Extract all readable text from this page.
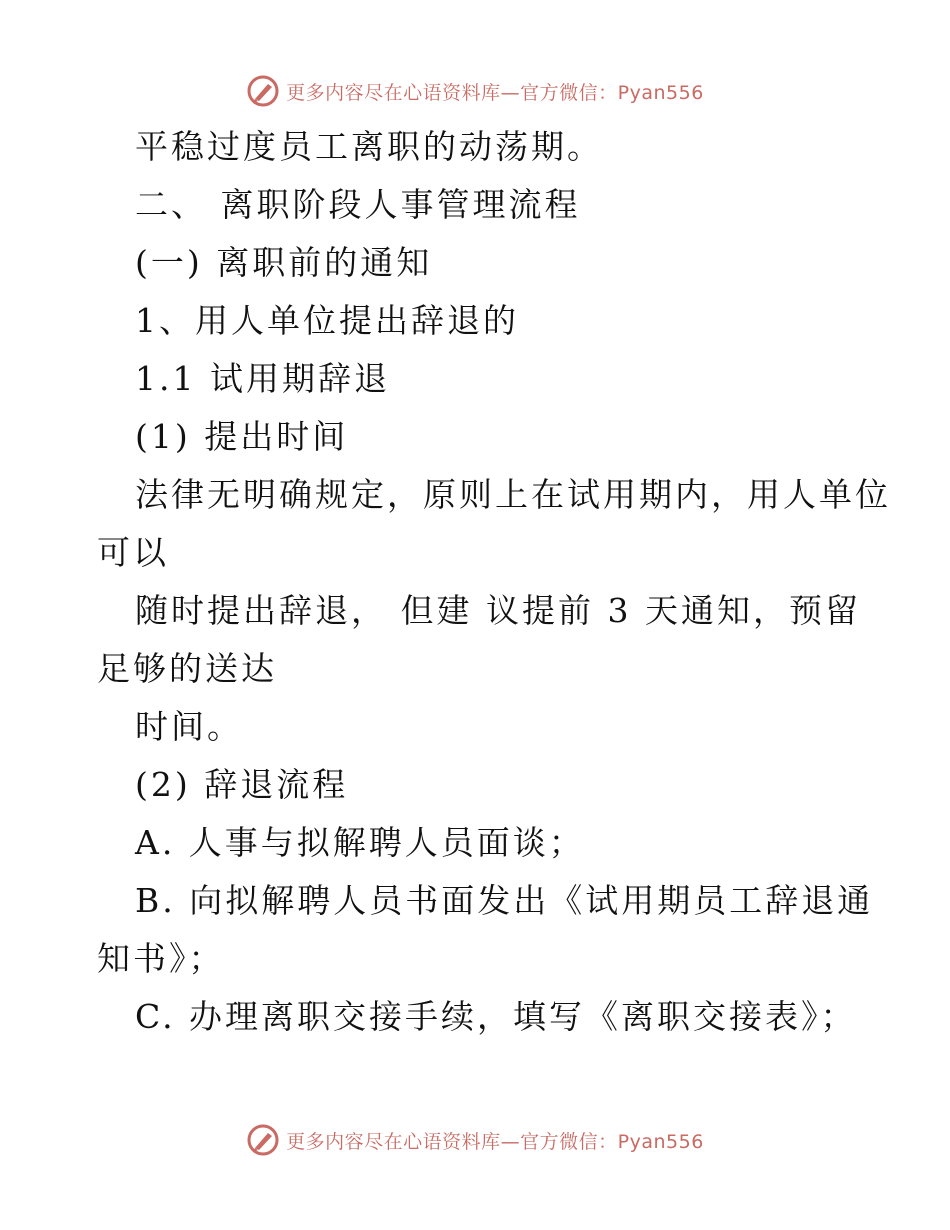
更多内容尽在心语资料库—官方微信：Pyan556
平稳过度员工离职的动荡期。
二、 离职阶段人事管理流程
(一) 离职前的通知
1、用人单位提出辞退的
1.1 试用期辞退
(1) 提出时间
法律无明确规定，原则上在试用期内，用人单位
可以
随时提出辞退， 但建 议提前 3 天通知，预留
足够的送达
时间。
(2) 辞退流程
A. 人事与拟解聘人员面谈；
B. 向拟解聘人员书面发出《试用期员工辞退通
知书》；
C. 办理离职交接手续，填写《离职交接表》；
更多内容尽在心语资料库—官方微信：Pyan556
